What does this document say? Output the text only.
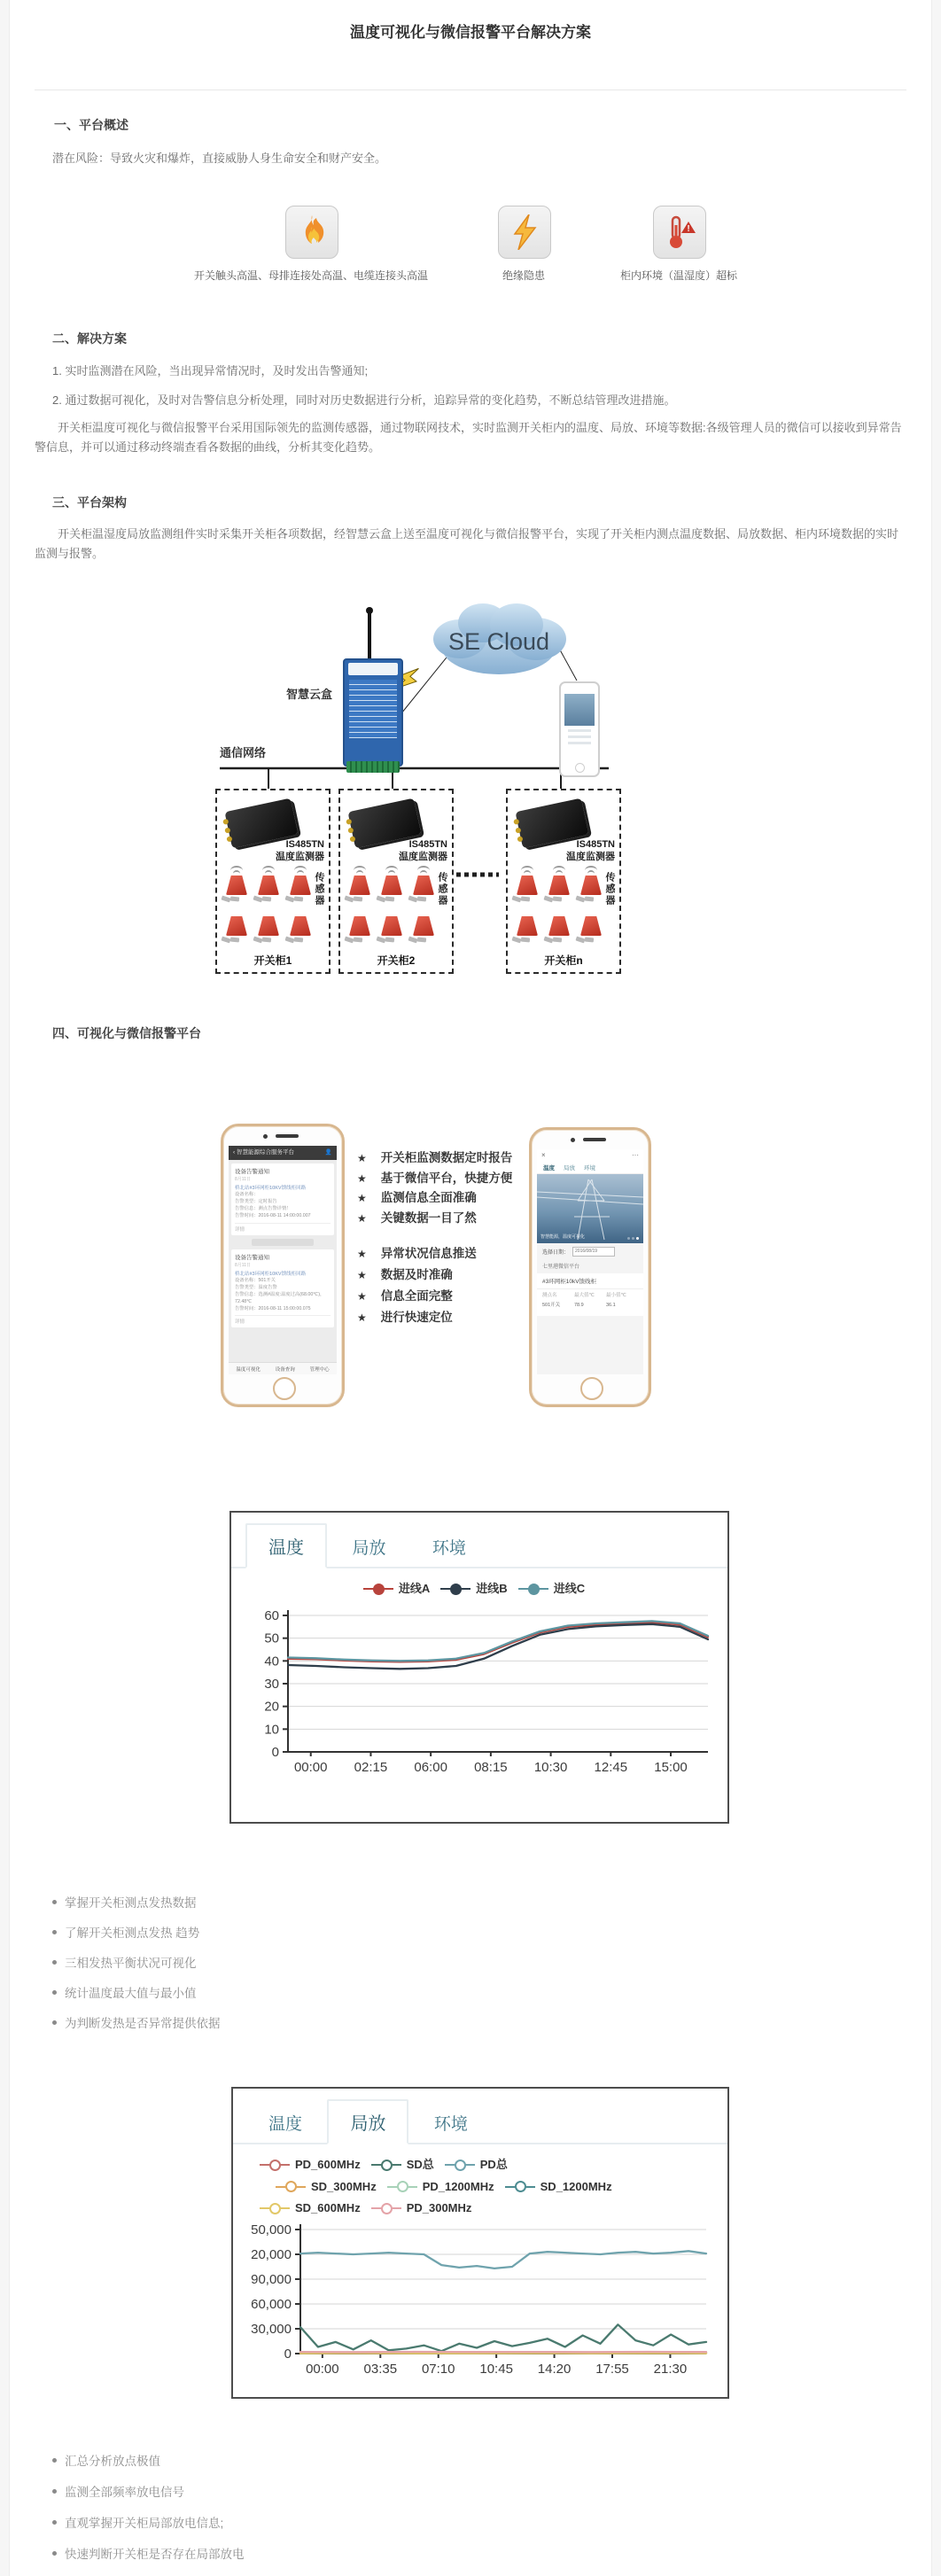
温度可视化与微信报警平台解决方案
一、平台概述
潜在风险：导致火灾和爆炸，直接威胁人身生命安全和财产安全。
开关触头高温、母排连接处高温、电缆连接头高温	绝缘隐患
!
柜内环境（温湿度）超标
二、解决方案
1. 实时监测潜在风险，当出现异常情况时，及时发出告警通知;
2. 通过数据可视化，及时对告警信息分析处理，同时对历史数据进行分析，追踪异常的变化趋势，不断总结管理改进措施。
开关柜温度可视化与微信报警平台采用国际领先的监测传感器，通过物联网技术，实时监测开关柜内的温度、局放、环境等数据:各级管理人员的微信可以接收到异常告警信息，并可以通过移动终端查看各数据的曲线，分析其变化趋势。
三、平台架构
开关柜温湿度局放监测组件实时采集开关柜各项数据，经智慧云盒上送至温度可视化与微信报警平台，实现了开关柜内测点温度数据、局放数据、柜内环境数据的实时监测与报警。
SE Cloud
智慧云盒
通信网络
IS485TN
温度监测器
传感器
开关柜1
IS485TN
温度监测器
传感器
开关柜2
IS485TN
温度监测器
传感器
开关柜n
四、可视化与微信报警平台
‹ 智慧能源综合服务平台	👤
设备告警通知
8月11日
桥北站#3环网柜10KV馈线柜回路
设备名称：
告警类型：定时报告
告警信息：测点告警详情！
告警时间：2016-08-11 14:00:00.007
详情
设备告警通知
8月11日
桥北站#3环网柜10KV馈线柜回路
设备名称：501开关
告警类型：温度告警
告警信息：选测#温度:温度过高(68.00℃)，72.48℃
告警时间：2016-08-11 15:00:00.075
详情
温度可视化	设备查询	管理中心
★ 开关柜监测数据定时报告
★ 基于微信平台，快捷方便
★ 监测信息全面准确
★ 关键数据一目了然
★ 异常状况信息推送
★ 数据及时准确
★ 信息全面完整
★ 进行快速定位
×	···
温度 局放 环境
智慧能源，温度可视化
选择日期：	2016/08/19
七里港微信平台
#3环网柜10kV馈线柜
测点名	最大值℃	最小值℃
501开关	78.9	36.1
温度	局放	环境
进线A	进线B	进线C
0
10
20
30
40
50
60
00:00 02:15 06:00 08:15 10:30 12:45 15:00
掌握开关柜测点发热数据
了解开关柜测点发热 趋势
三相发热平衡状况可视化
统计温度最大值与最小值
为判断发热是否异常提供依据
温度	局放	环境
PD_600MHz	SD总	PD总
SD_300MHz	PD_1200MHz	SD_1200MHz
SD_600MHz	PD_300MHz
50,000
20,000
90,000
60,000
30,000
0
00:00 03:35 07:10 10:45 14:20 17:55 21:30
汇总分析放点极值
监测全部频率放电信号
直观掌握开关柜局部放电信息;
快速判断开关柜是否存在局部放电
